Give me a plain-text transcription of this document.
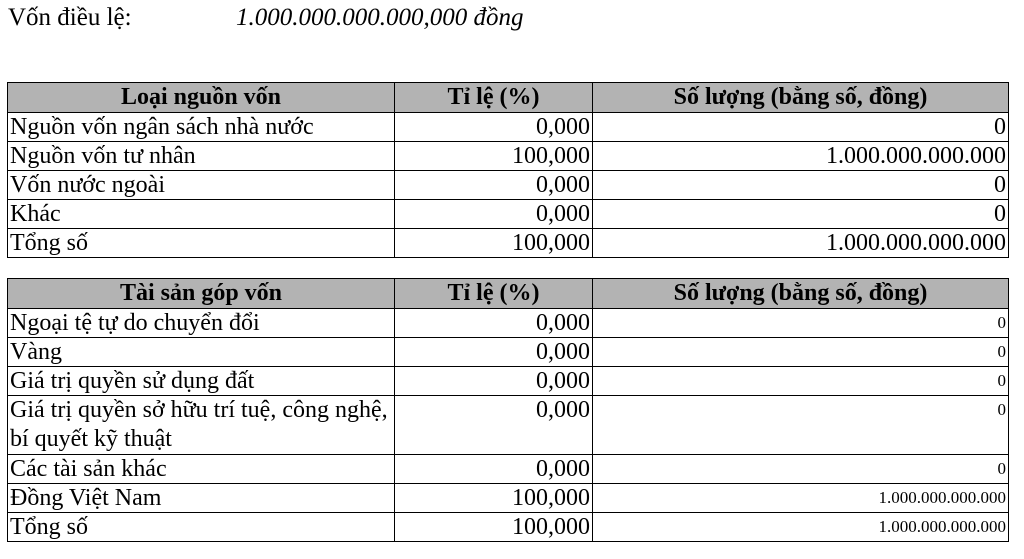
Vốn điều lệ:	1.000.000.000.000,000 đồng
Loại nguồn vốn	Tỉ lệ (%)	Số lượng (bằng số, đồng)
Nguồn vốn ngân sách nhà nước	0,000	0
Nguồn vốn tư nhân	100,000	1.000.000.000.000
Vốn nước ngoài	0,000	0
Khác	0,000	0
Tổng số	100,000	1.000.000.000.000
Tài sản góp vốn	Tỉ lệ (%)	Số lượng (bằng số, đồng)
Ngoại tệ tự do chuyển đổi	0,000	0
Vàng	0,000	0
Giá trị quyền sử dụng đất	0,000	0
Giá trị quyền sở hữu trí tuệ, công nghệ, bí quyết kỹ thuật	0,000	0
Các tài sản khác	0,000	0
Đồng Việt Nam	100,000	1.000.000.000.000
Tổng số	100,000	1.000.000.000.000
